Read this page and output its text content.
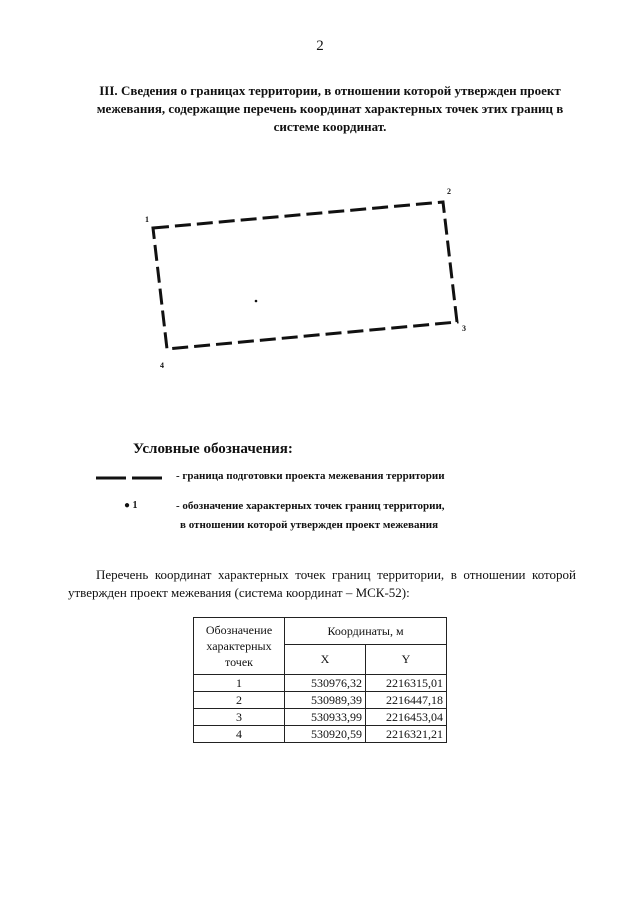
2
III. Сведения о границах территории, в отношении которой утвержден проект межевания, содержащие перечень координат характерных точек этих границ в системе координат.
1
2
3
4
Условные обозначения:
- граница подготовки проекта межевания территории
● 1	- обозначение характерных точек границ территории,
в отношении которой утвержден проект межевания
Перечень координат характерных точек границ территории, в отношении которой утвержден проект межевания (система координат – МСК-52):
Обозначение характерных точек	Координаты, м	
	X	Y
1	530976,32	2216315,01
2	530989,39	2216447,18
3	530933,99	2216453,04
4	530920,59	2216321,21
